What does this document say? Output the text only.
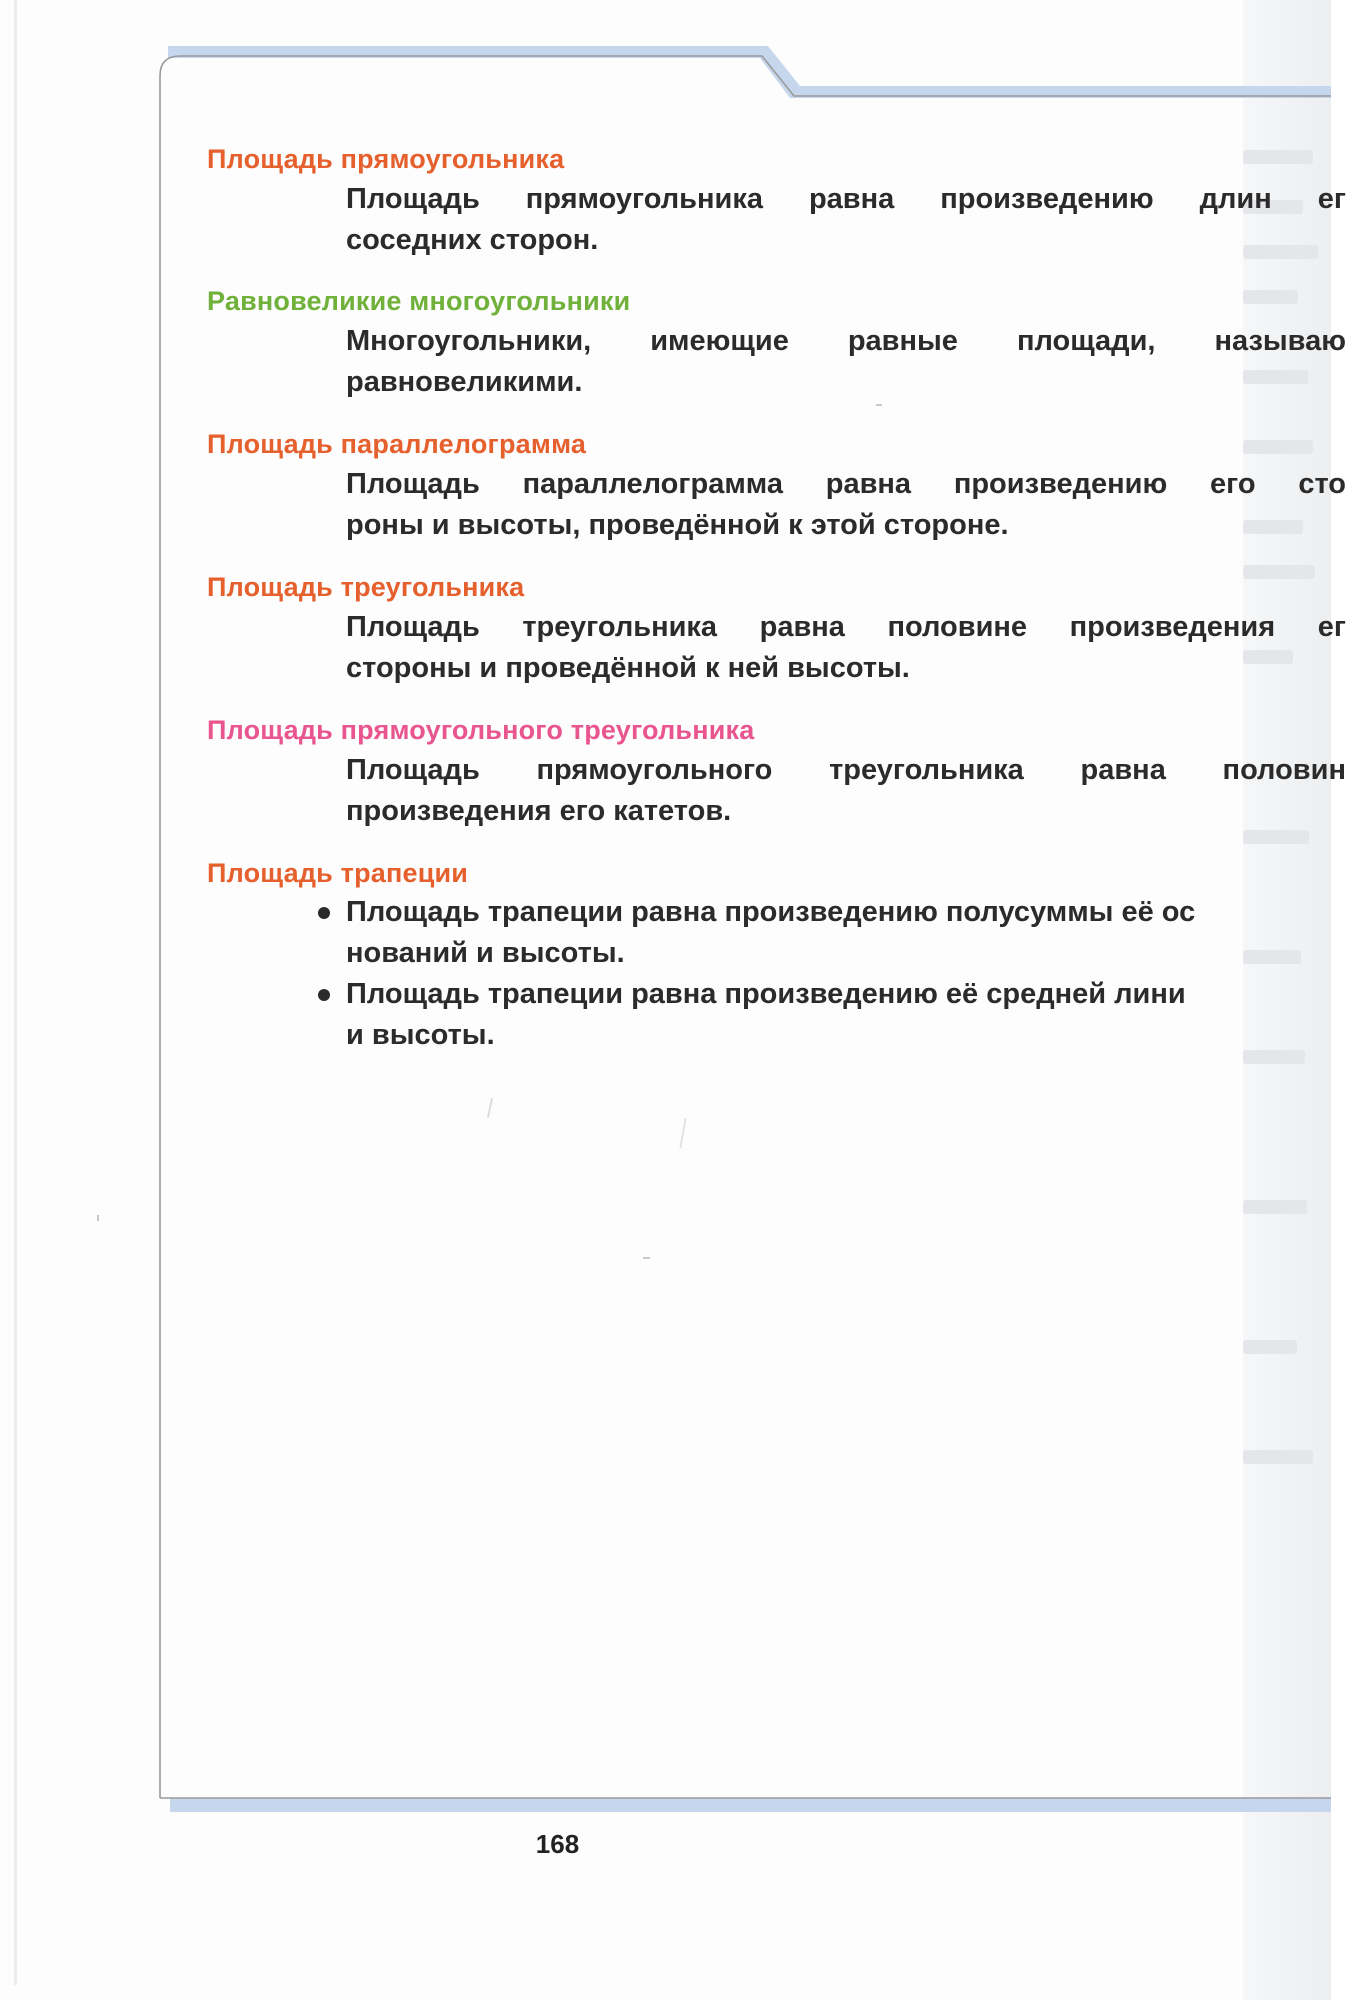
Площадь прямоугольника
Площадь прямоугольника равна произведению длин ег
соседних сторон.
Равновеликие многоугольники
Многоугольники, имеющие равные площади, называю
равновеликими.
Площадь параллелограмма
Площадь параллелограмма равна произведению его сто
роны и высоты, проведённой к этой стороне.
Площадь треугольника
Площадь треугольника равна половине произведения ег
стороны и проведённой к ней высоты.
Площадь прямоугольного треугольника
Площадь прямоугольного треугольника равна половин
произведения его катетов.
Площадь трапеции
Площадь трапеции равна произведению полусуммы её ос
нований и высоты.
Площадь трапеции равна произведению её средней лини
и высоты.
168
